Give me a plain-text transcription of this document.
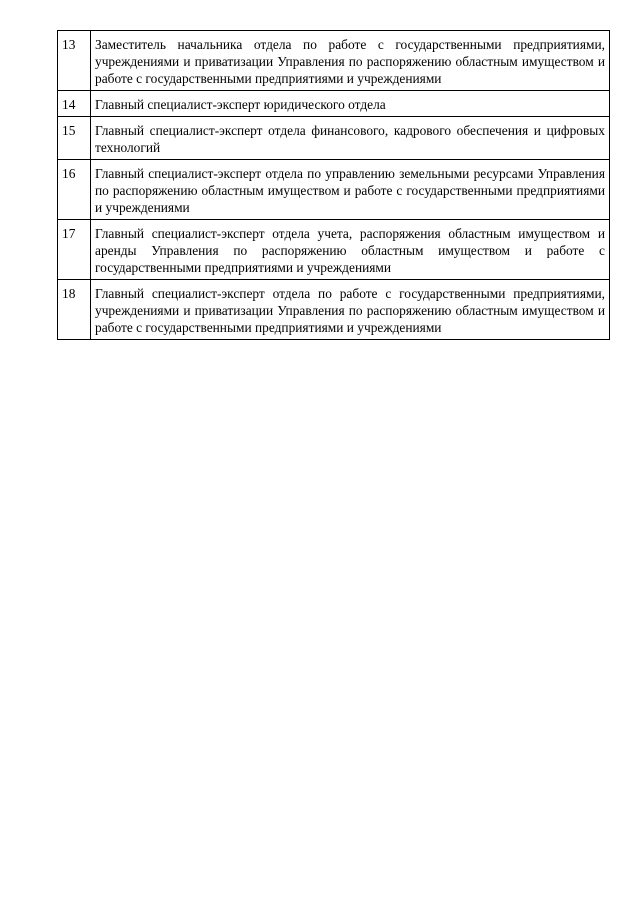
13	Заместитель начальника отдела по работе с государственными предприятиями, учреждениями и приватизации Управления по распоряжению областным имуществом и работе с государственными предприятиями и учреждениями
14	Главный специалист-эксперт юридического отдела
15	Главный специалист-эксперт отдела финансового, кадрового обеспечения и цифровых технологий
16	Главный специалист-эксперт отдела по управлению земельными ресурсами Управления по распоряжению областным имуществом и работе с государственными предприятиями и учреждениями
17	Главный специалист-эксперт отдела учета, распоряжения областным имуществом и аренды Управления по распоряжению областным имуществом и работе с государственными предприятиями и учреждениями
18	Главный специалист-эксперт отдела по работе с государственными предприятиями, учреждениями и приватизации Управления по распоряжению областным имуществом и работе с государственными предприятиями и учреждениями
